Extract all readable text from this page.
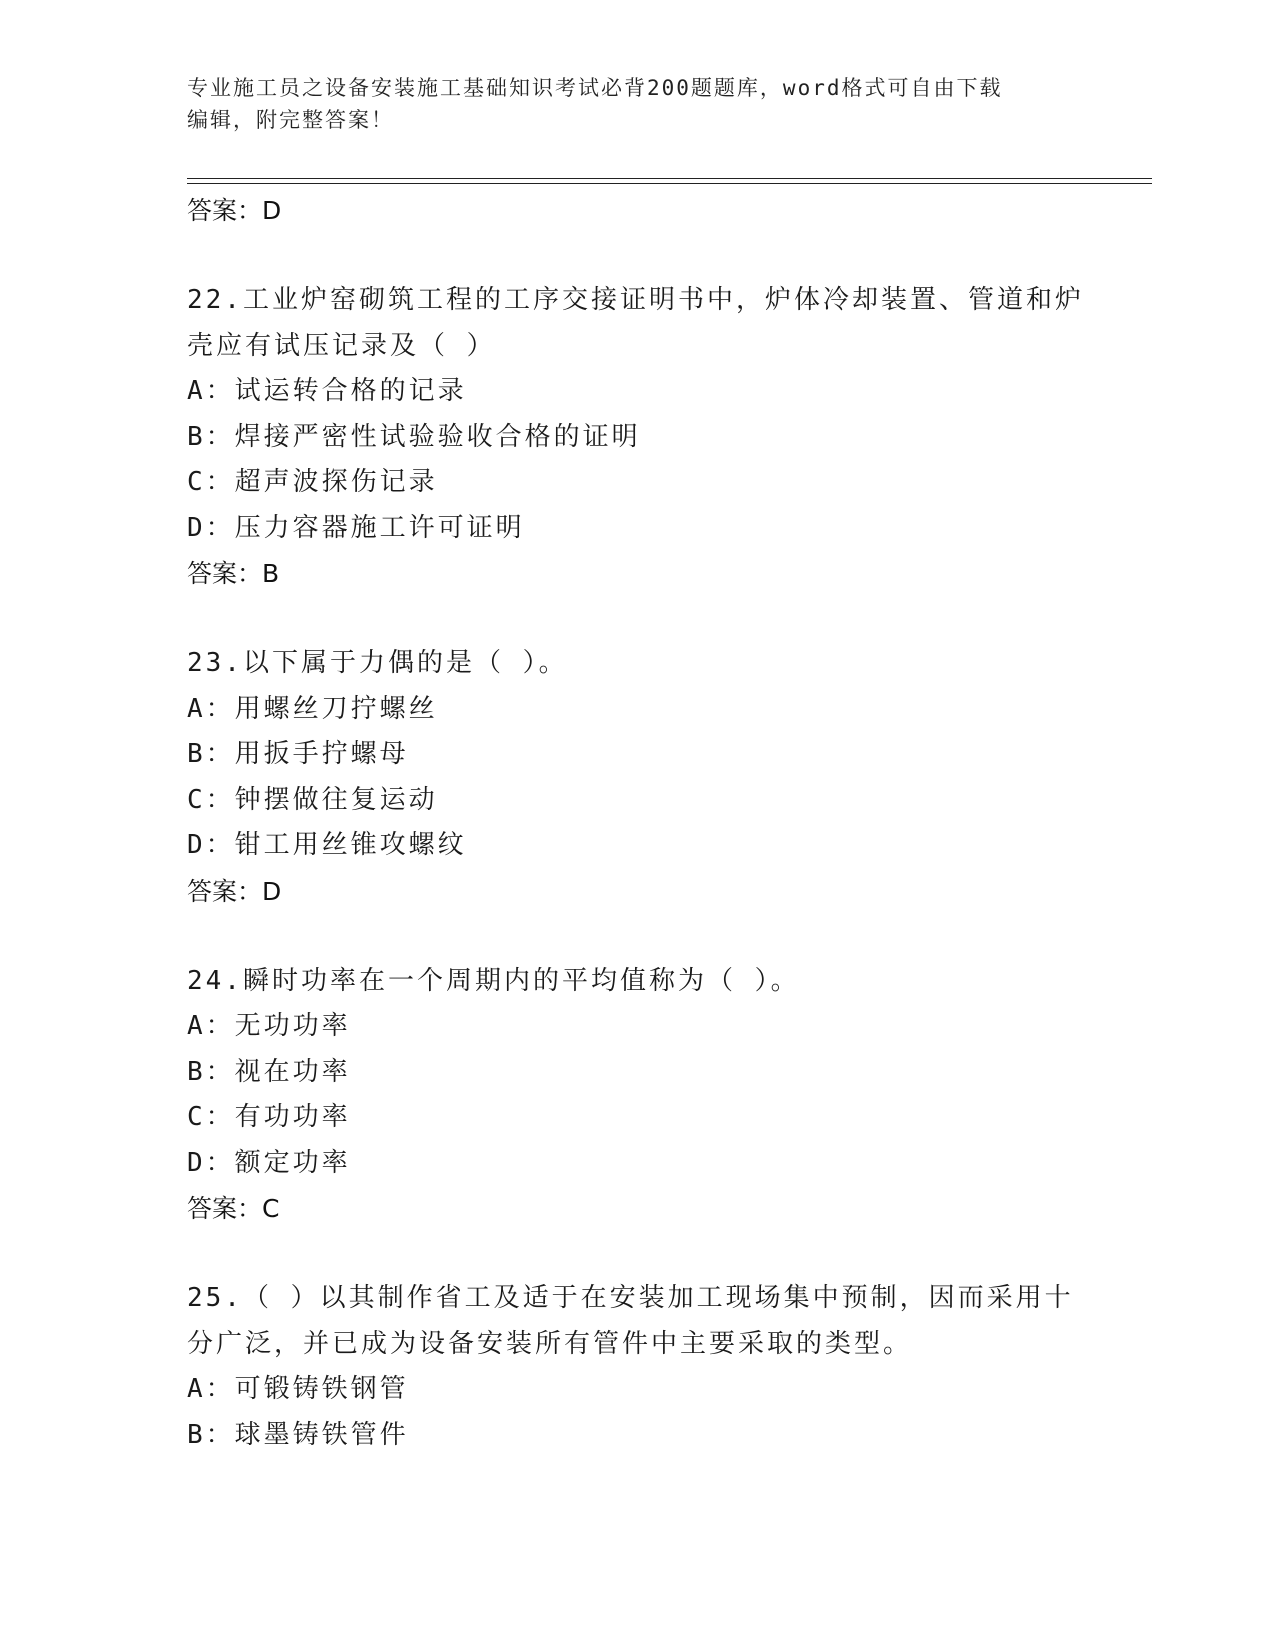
专业施工员之设备安装施工基础知识考试必背200题题库，word格式可自由下载
编辑，附完整答案！
答案：D
22.工业炉窑砌筑工程的工序交接证明书中，炉体冷却装置、管道和炉
壳应有试压记录及（ ）
A：试运转合格的记录
B：焊接严密性试验验收合格的证明
C：超声波探伤记录
D：压力容器施工许可证明
答案：B
23.以下属于力偶的是（ ）。
A：用螺丝刀拧螺丝
B：用扳手拧螺母
C：钟摆做往复运动
D：钳工用丝锥攻螺纹
答案：D
24.瞬时功率在一个周期内的平均值称为（ ）。
A：无功功率
B：视在功率
C：有功功率
D：额定功率
答案：C
25.（ ）以其制作省工及适于在安装加工现场集中预制，因而采用十
分广泛，并已成为设备安装所有管件中主要采取的类型。
A：可锻铸铁钢管
B：球墨铸铁管件
